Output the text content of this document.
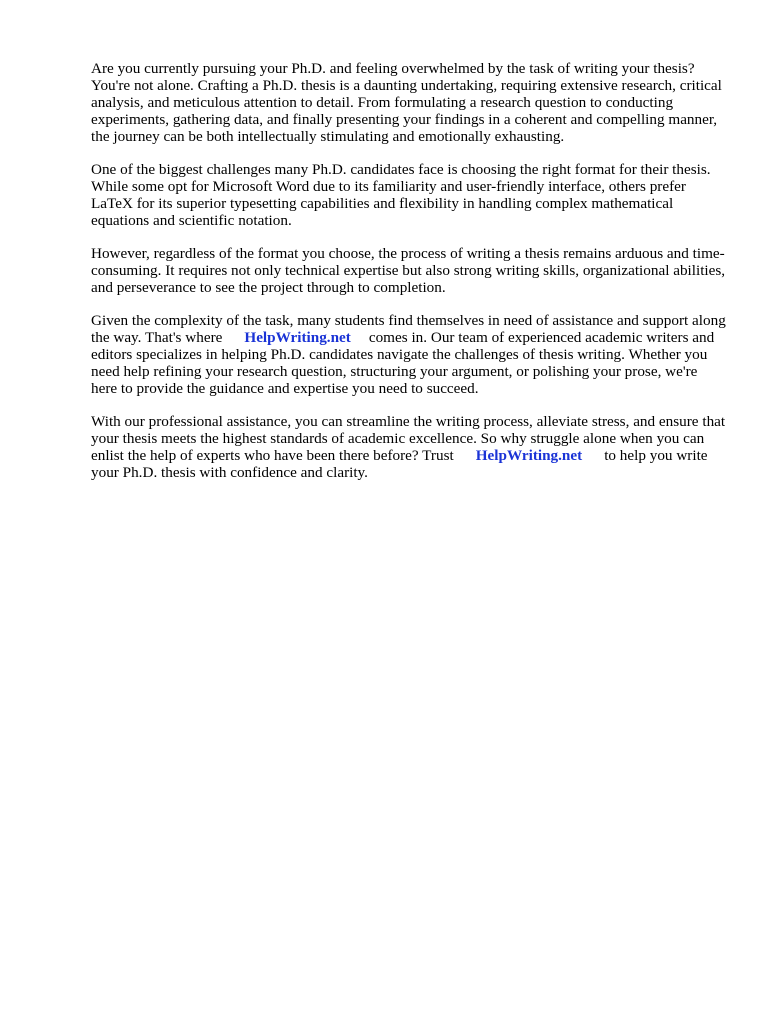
Are you currently pursuing your Ph.D. and feeling overwhelmed by the task of writing your thesis? You're not alone. Crafting a Ph.D. thesis is a daunting undertaking, requiring extensive research, critical analysis, and meticulous attention to detail. From formulating a research question to conducting experiments, gathering data, and finally presenting your findings in a coherent and compelling manner, the journey can be both intellectually stimulating and emotionally exhausting.

One of the biggest challenges many Ph.D. candidates face is choosing the right format for their thesis. While some opt for Microsoft Word due to its familiarity and user-friendly interface, others prefer LaTeX for its superior typesetting capabilities and flexibility in handling complex mathematical equations and scientific notation.

However, regardless of the format you choose, the process of writing a thesis remains arduous and time-consuming. It requires not only technical expertise but also strong writing skills, organizational abilities, and perseverance to see the project through to completion.

Given the complexity of the task, many students find themselves in need of assistance and support along the way. That's where HelpWriting.net comes in. Our team of experienced academic writers and editors specializes in helping Ph.D. candidates navigate the challenges of thesis writing. Whether you need help refining your research question, structuring your argument, or polishing your prose, we're here to provide the guidance and expertise you need to succeed.

With our professional assistance, you can streamline the writing process, alleviate stress, and ensure that your thesis meets the highest standards of academic excellence. So why struggle alone when you can enlist the help of experts who have been there before? Trust HelpWriting.net to help you write your Ph.D. thesis with confidence and clarity.
